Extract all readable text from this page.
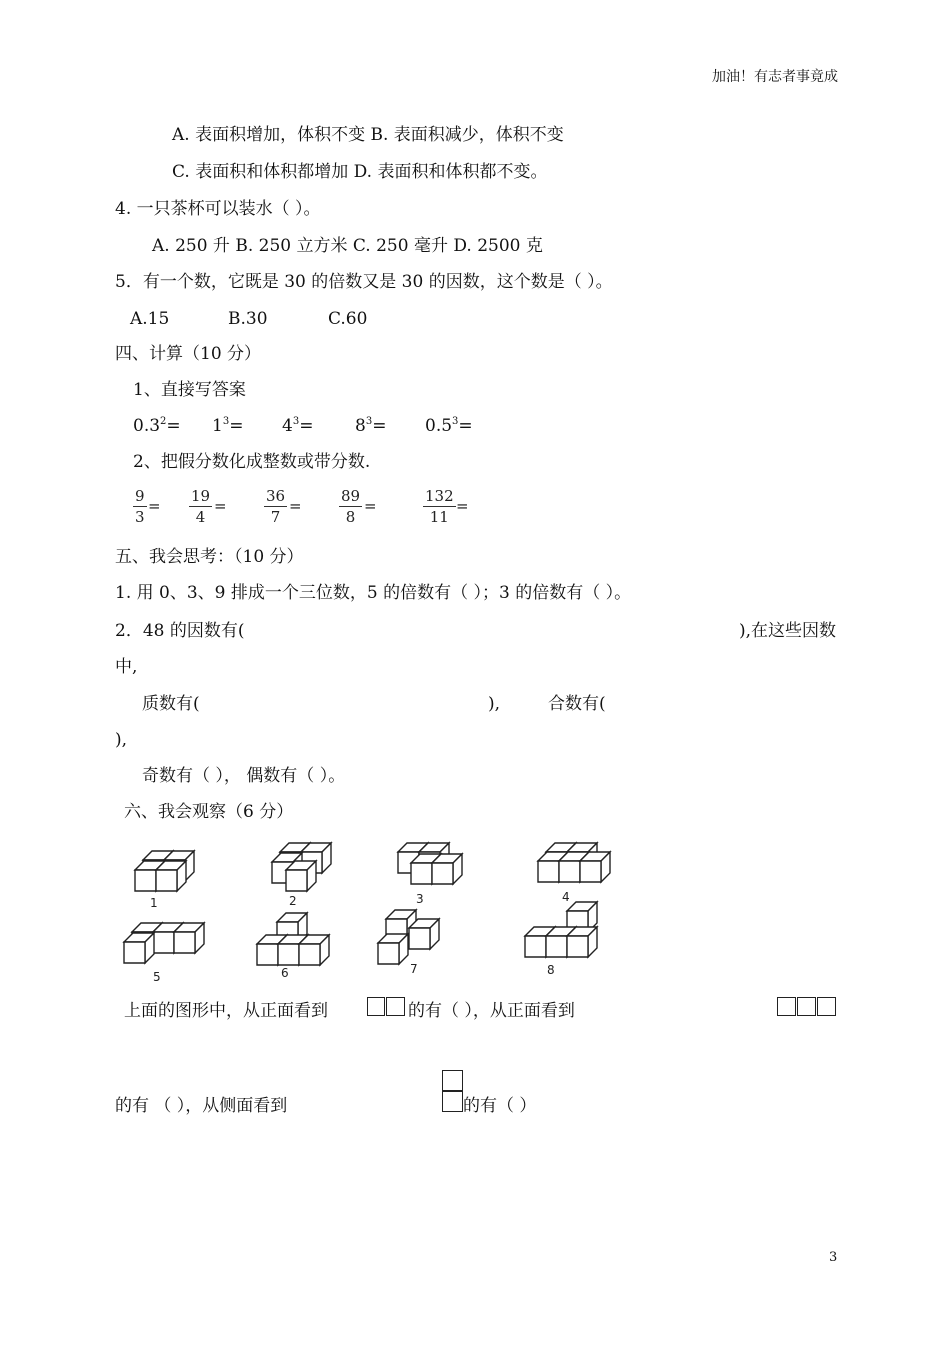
加油！有志者事竟成
A. 表面积增加，体积不变 B. 表面积减少，体积不变
C. 表面积和体积都增加 D. 表面积和体积都不变。
4. 一只茶杯可以装水（ ）。
A. 250 升 B. 250 立方米 C. 250 毫升 D. 2500 克
5．有一个数，它既是 30 的倍数又是 30 的因数，这个数是（ ）。
A.15	B.30	C.60
四、计算（10 分）
1、直接写答案
$0.3^2= 1^3= 4^3= 8^3= 0.5^3=$
2、把假分数化成整数或带分数.
$\frac{9}{3} = \frac{19}{4} = \frac{36}{7} = \frac{89}{8}$ =	$\frac{132}{11}$ =
五、我会思考：（10 分）
1. 用 0、3、9 排成一个三位数，5 的倍数有（ ）；3 的倍数有（ ）。
2．48 的因数有(	),在这些因数
中,
质数有(	),	合数有(
),
奇数有（ ）， 偶数有（ ）。
六、我会观察（6 分）
1	2	3	4
5	6	7	8
上面的图形中，从正面看到	的有（ ），从正面看到
的有 （ ），从侧面看到	的有（ ）
3
